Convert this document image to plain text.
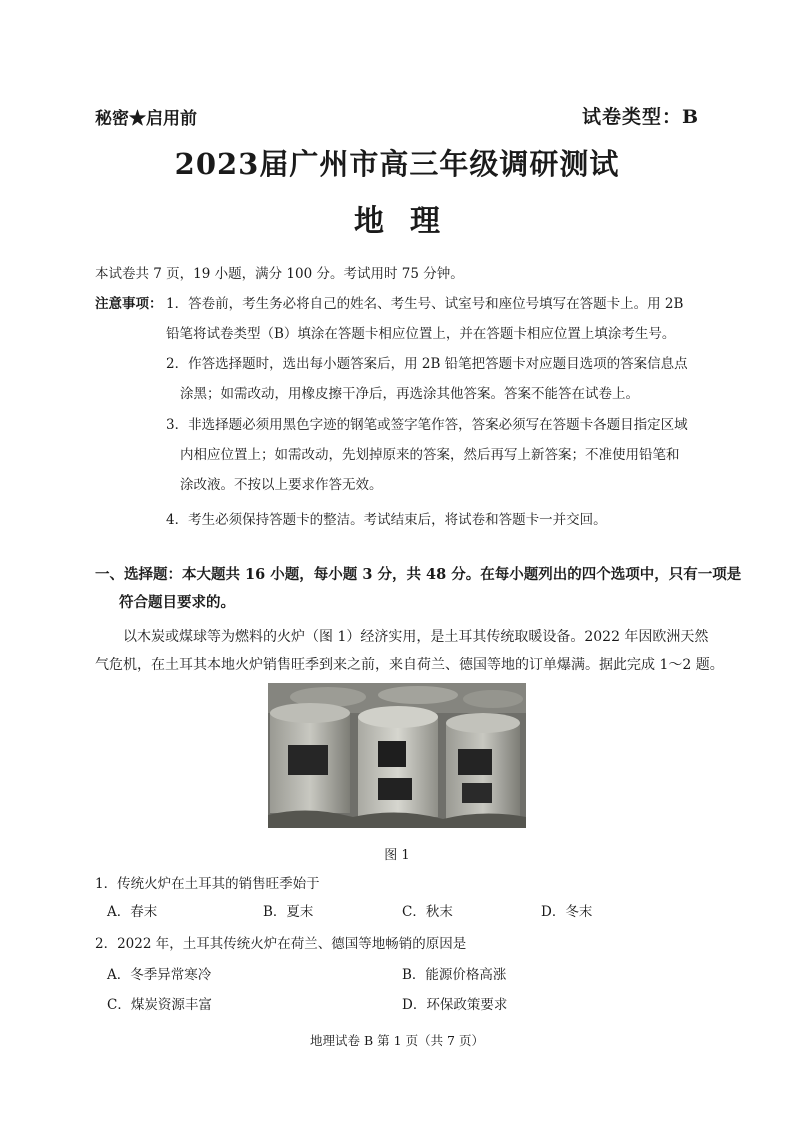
秘密★启用前	试卷类型：B
2023届广州市高三年级调研测试
地理
本试卷共 7 页，19 小题，满分 100 分。考试用时 75 分钟。
注意事项： 1．答卷前，考生务必将自己的姓名、考生号、试室号和座位号填写在答题卡上。用 2B
铅笔将试卷类型（B）填涂在答题卡相应位置上，并在答题卡相应位置上填涂考生号。
2．作答选择题时，选出每小题答案后，用 2B 铅笔把答题卡对应题目选项的答案信息点
涂黑；如需改动，用橡皮擦干净后，再选涂其他答案。答案不能答在试卷上。
3．非选择题必须用黑色字迹的钢笔或签字笔作答，答案必须写在答题卡各题目指定区域
内相应位置上；如需改动，先划掉原来的答案，然后再写上新答案；不准使用铅笔和
涂改液。不按以上要求作答无效。
4．考生必须保持答题卡的整洁。考试结束后，将试卷和答题卡一并交回。
一、选择题：本大题共 16 小题，每小题 3 分，共 48 分。在每小题列出的四个选项中，只有一项是
符合题目要求的。
以木炭或煤球等为燃料的火炉（图 1）经济实用，是土耳其传统取暖设备。2022 年因欧洲天然
气危机，在土耳其本地火炉销售旺季到来之前，来自荷兰、德国等地的订单爆满。据此完成 1～2 题。
图 1
1．传统火炉在土耳其的销售旺季始于
A．春末	B．夏末	C．秋末	D．冬末
2．2022 年，土耳其传统火炉在荷兰、德国等地畅销的原因是
A．冬季异常寒冷	B．能源价格高涨
C．煤炭资源丰富	D．环保政策要求
地理试卷 B 第 1 页（共 7 页）
